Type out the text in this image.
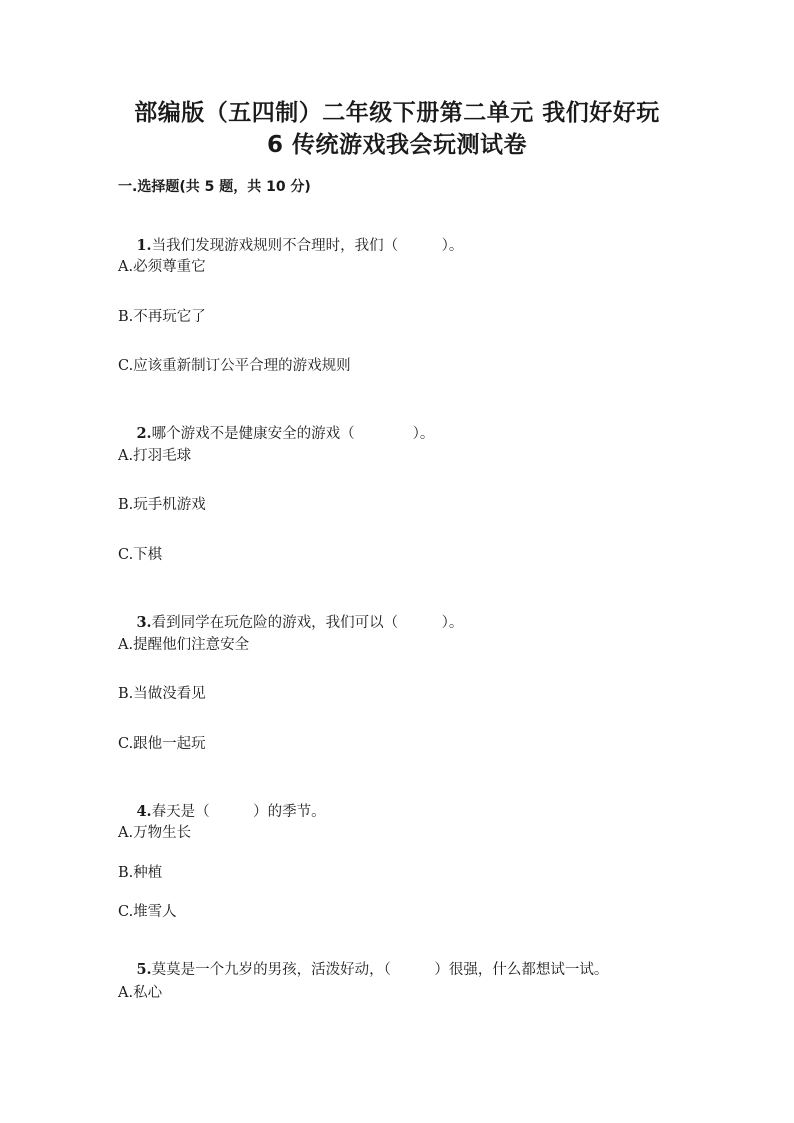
部编版（五四制）二年级下册第二单元 我们好好玩
6 传统游戏我会玩测试卷
一.选择题(共 5 题，共 10 分)

1.当我们发现游戏规则不合理时，我们（　　　）。

A.必须尊重它
B.不再玩它了
C.应该重新制订公平合理的游戏规则

2.哪个游戏不是健康安全的游戏（　　　　）。

A.打羽毛球
B.玩手机游戏
C.下棋

3.看到同学在玩危险的游戏，我们可以（　　　）。

A.提醒他们注意安全
B.当做没看见
C.跟他一起玩

4.春天是（　　　）的季节。

A.万物生长
B.种植
C.堆雪人

5.莫莫是一个九岁的男孩，活泼好动，（　　　）很强，什么都想试一试。

A.私心
